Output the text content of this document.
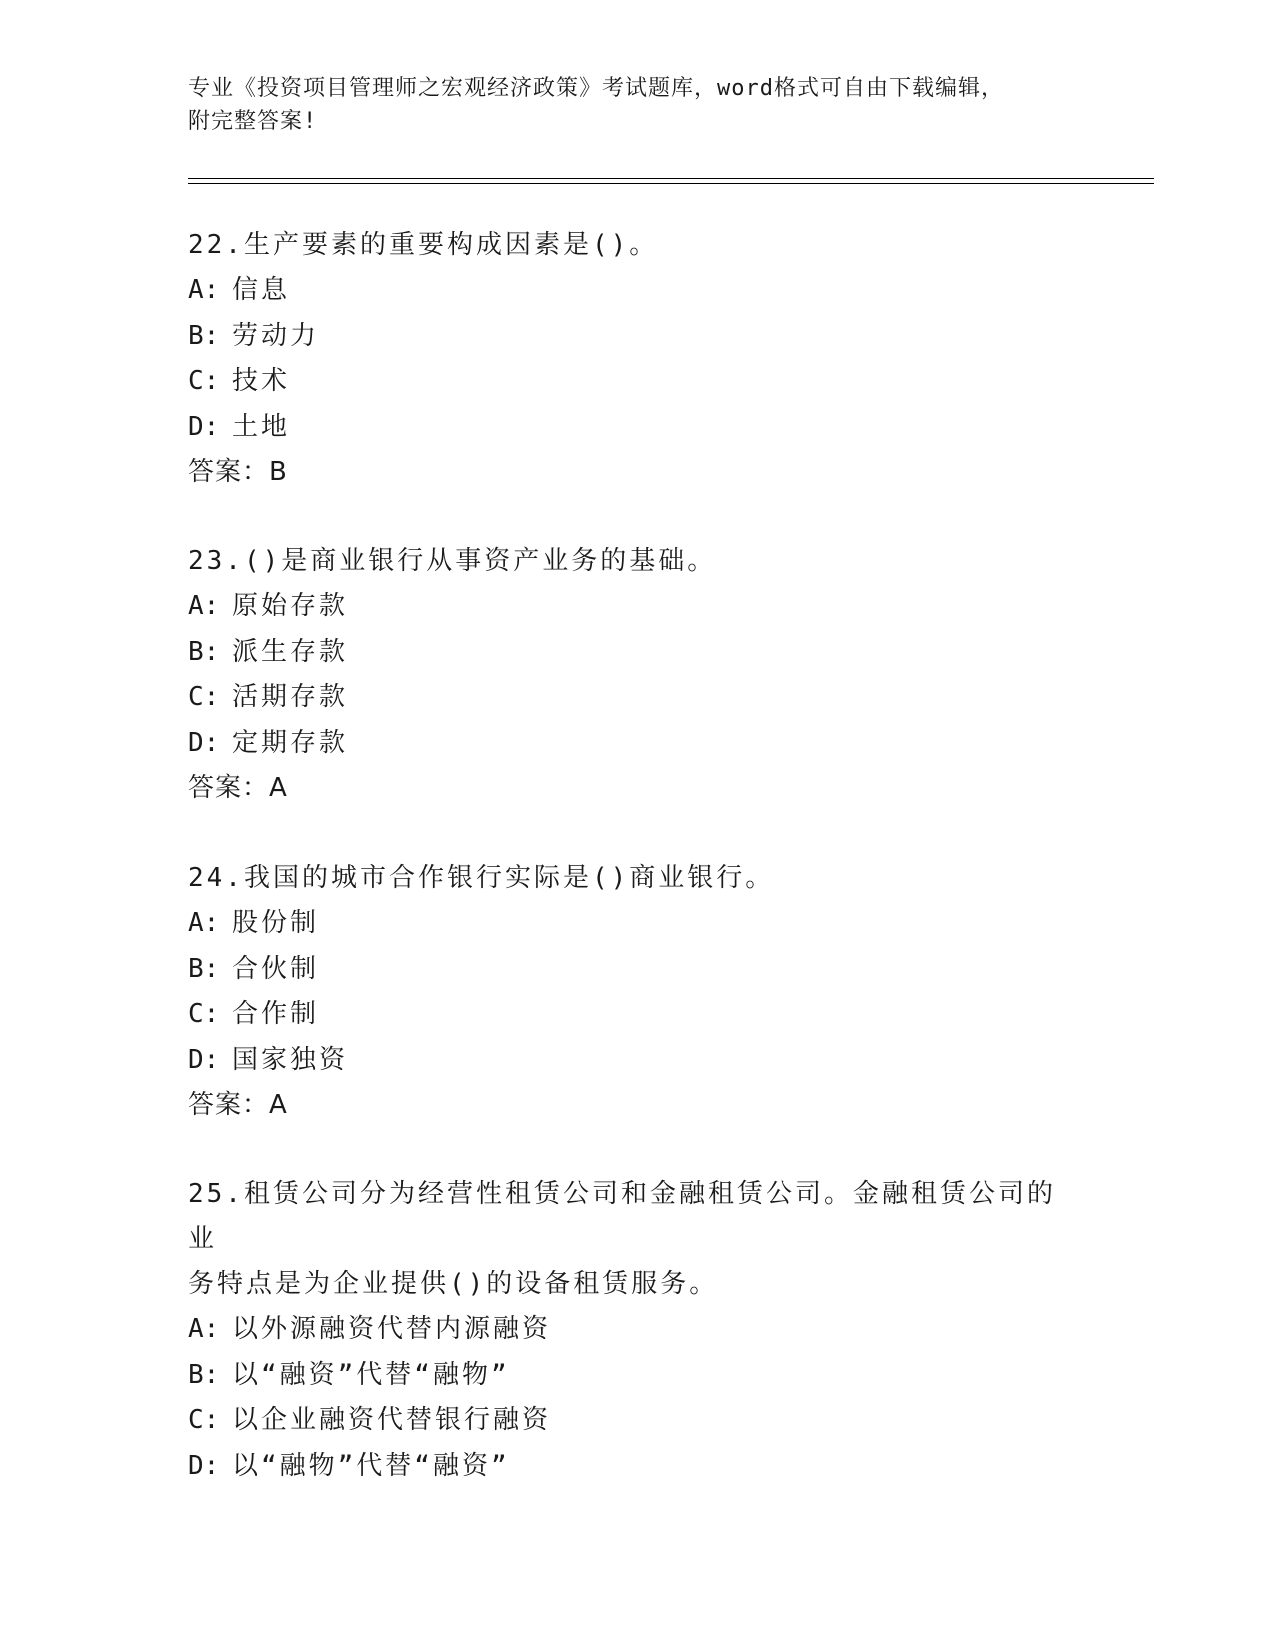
专业《投资项目管理师之宏观经济政策》考试题库，word格式可自由下载编辑，
附完整答案!

22.生产要素的重要构成因素是()。

A: 信息

B: 劳动力

C: 技术

D: 土地

答案：B

23.()是商业银行从事资产业务的基础。

A: 原始存款

B: 派生存款

C: 活期存款

D: 定期存款

答案：A

24.我国的城市合作银行实际是()商业银行。

A: 股份制

B: 合伙制

C: 合作制

D: 国家独资

答案：A

25.租赁公司分为经营性租赁公司和金融租赁公司。金融租赁公司的业

务特点是为企业提供()的设备租赁服务。

A: 以外源融资代替内源融资

B: 以“融资”代替“融物”

C: 以企业融资代替银行融资

D: 以“融物”代替“融资”
